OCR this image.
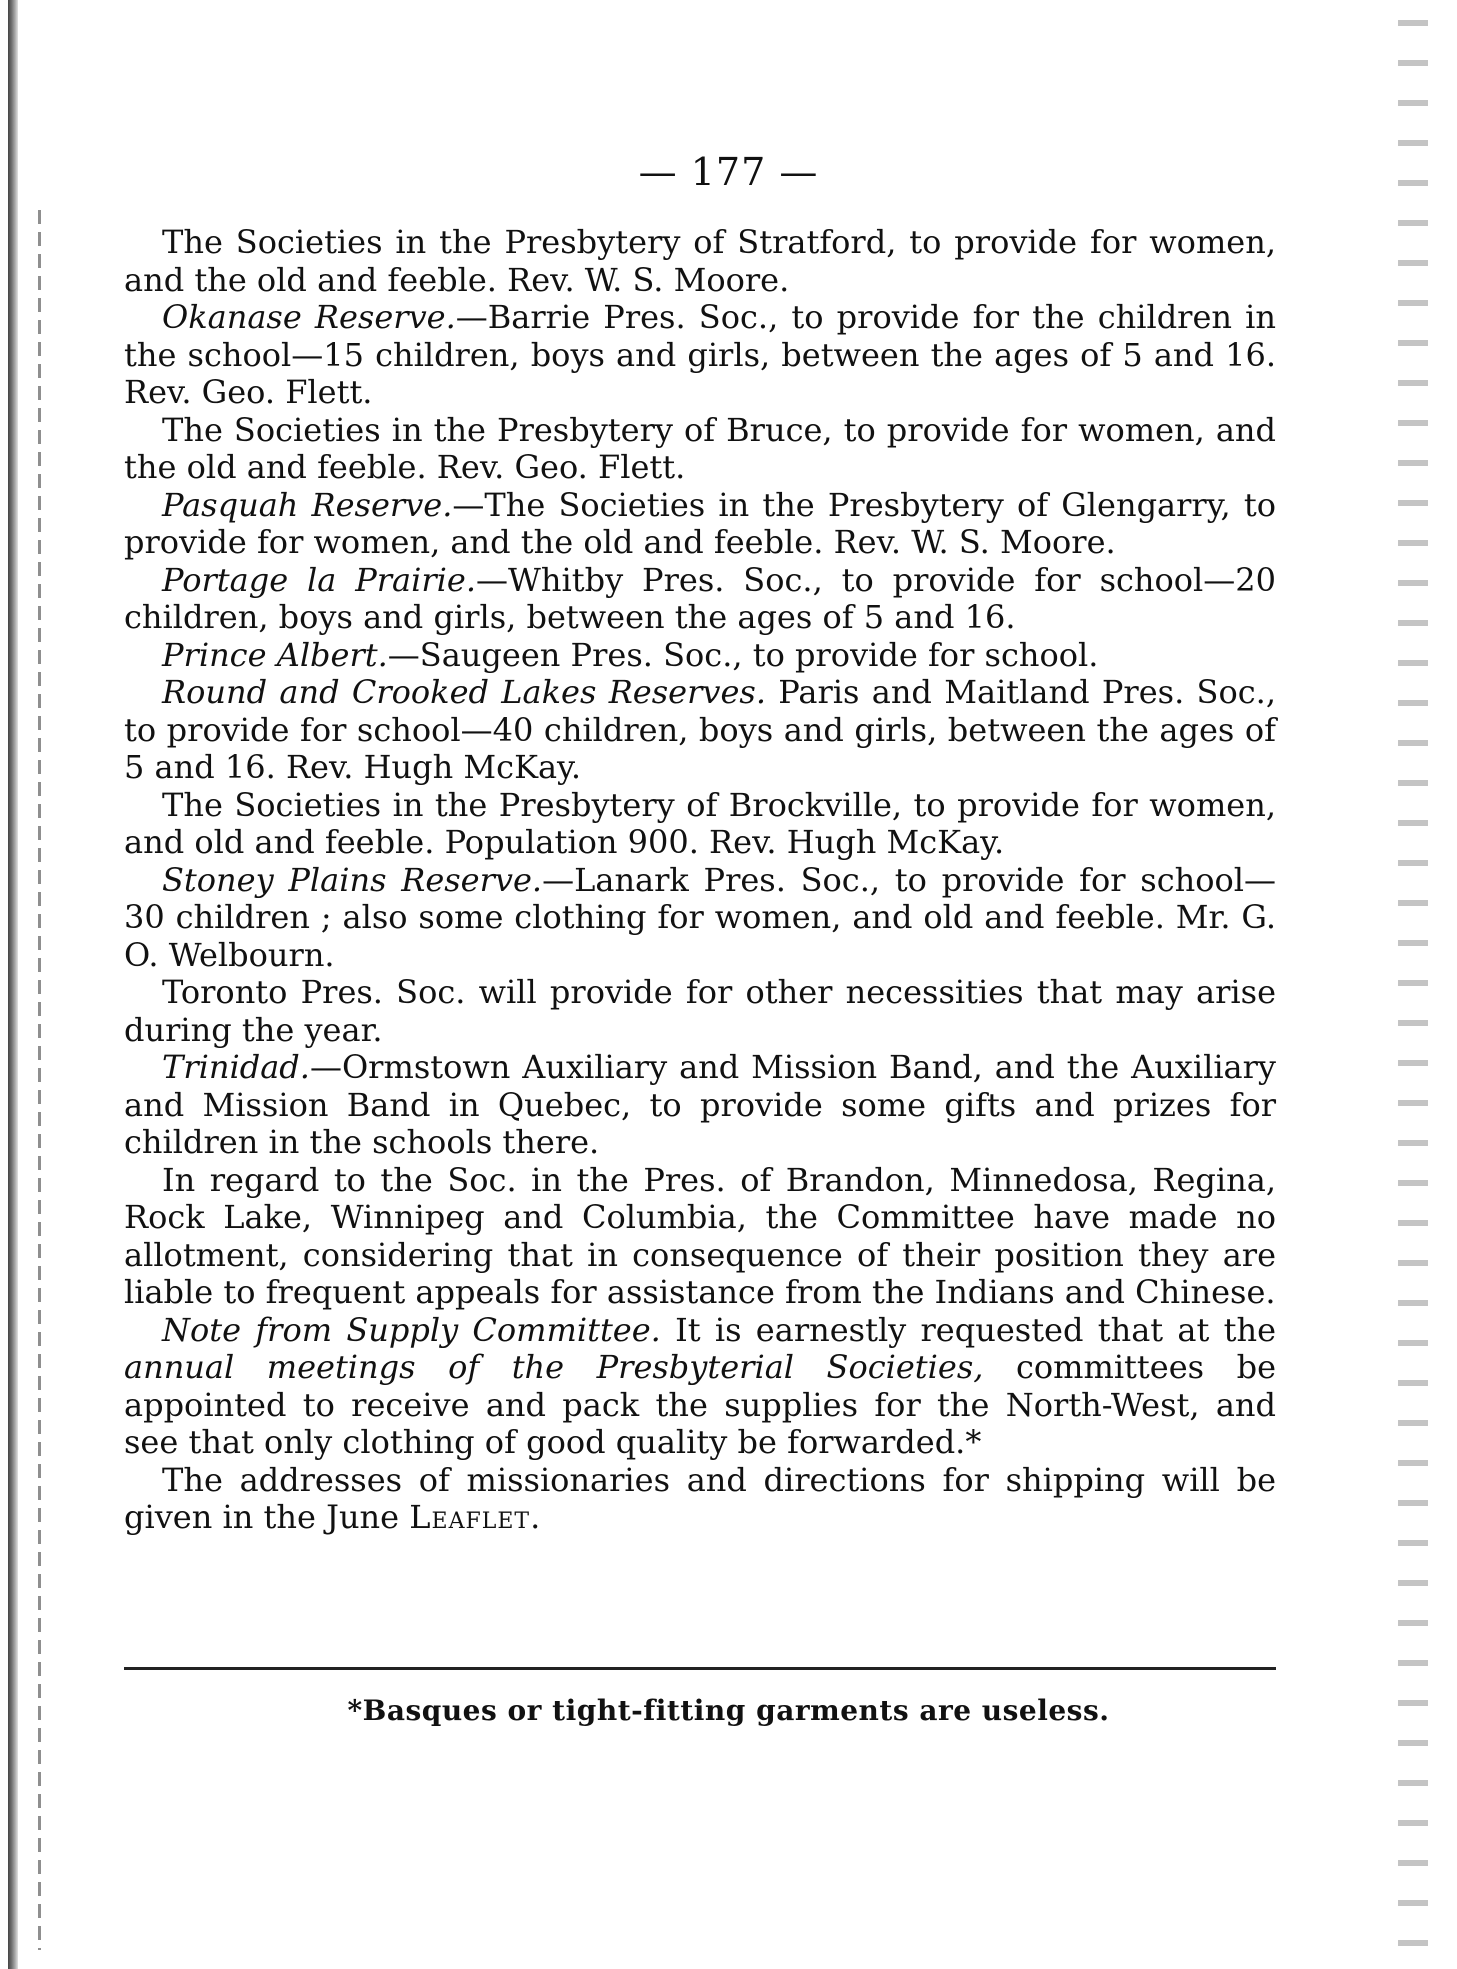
— 177 —

The Societies in the Presbytery of Stratford, to provide for women, and the old and feeble. Rev. W. S. Moore.

Okanase Reserve.—Barrie Pres. Soc., to provide for the children in the school—15 children, boys and girls, between the ages of 5 and 16. Rev. Geo. Flett.

The Societies in the Presbytery of Bruce, to provide for women, and the old and feeble. Rev. Geo. Flett.

Pasquah Reserve.—The Societies in the Presbytery of Glengarry, to provide for women, and the old and feeble. Rev. W. S. Moore.

Portage la Prairie.—Whitby Pres. Soc., to provide for school—20 children, boys and girls, between the ages of 5 and 16.

Prince Albert.—Saugeen Pres. Soc., to provide for school.

Round and Crooked Lakes Reserves. Paris and Maitland Pres. Soc., to provide for school—40 children, boys and girls, between the ages of 5 and 16. Rev. Hugh McKay.

The Societies in the Presbytery of Brockville, to provide for women, and old and feeble. Population 900. Rev. Hugh McKay.

Stoney Plains Reserve.—Lanark Pres. Soc., to provide for school—30 children ; also some clothing for women, and old and feeble. Mr. G. O. Welbourn.

Toronto Pres. Soc. will provide for other necessities that may arise during the year.

Trinidad.—Ormstown Auxiliary and Mission Band, and the Auxiliary and Mission Band in Quebec, to provide some gifts and prizes for children in the schools there.

In regard to the Soc. in the Pres. of Brandon, Minnedosa, Regina, Rock Lake, Winnipeg and Columbia, the Committee have made no allotment, considering that in consequence of their position they are liable to frequent appeals for assistance from the Indians and Chinese.

Note from Supply Committee. It is earnestly requested that at the annual meetings of the Presbyterial Societies, committees be appointed to receive and pack the supplies for the North-West, and see that only clothing of good quality be forwarded.*

The addresses of missionaries and directions for shipping will be given in the June Leaflet.

*Basques or tight-fitting garments are useless.
